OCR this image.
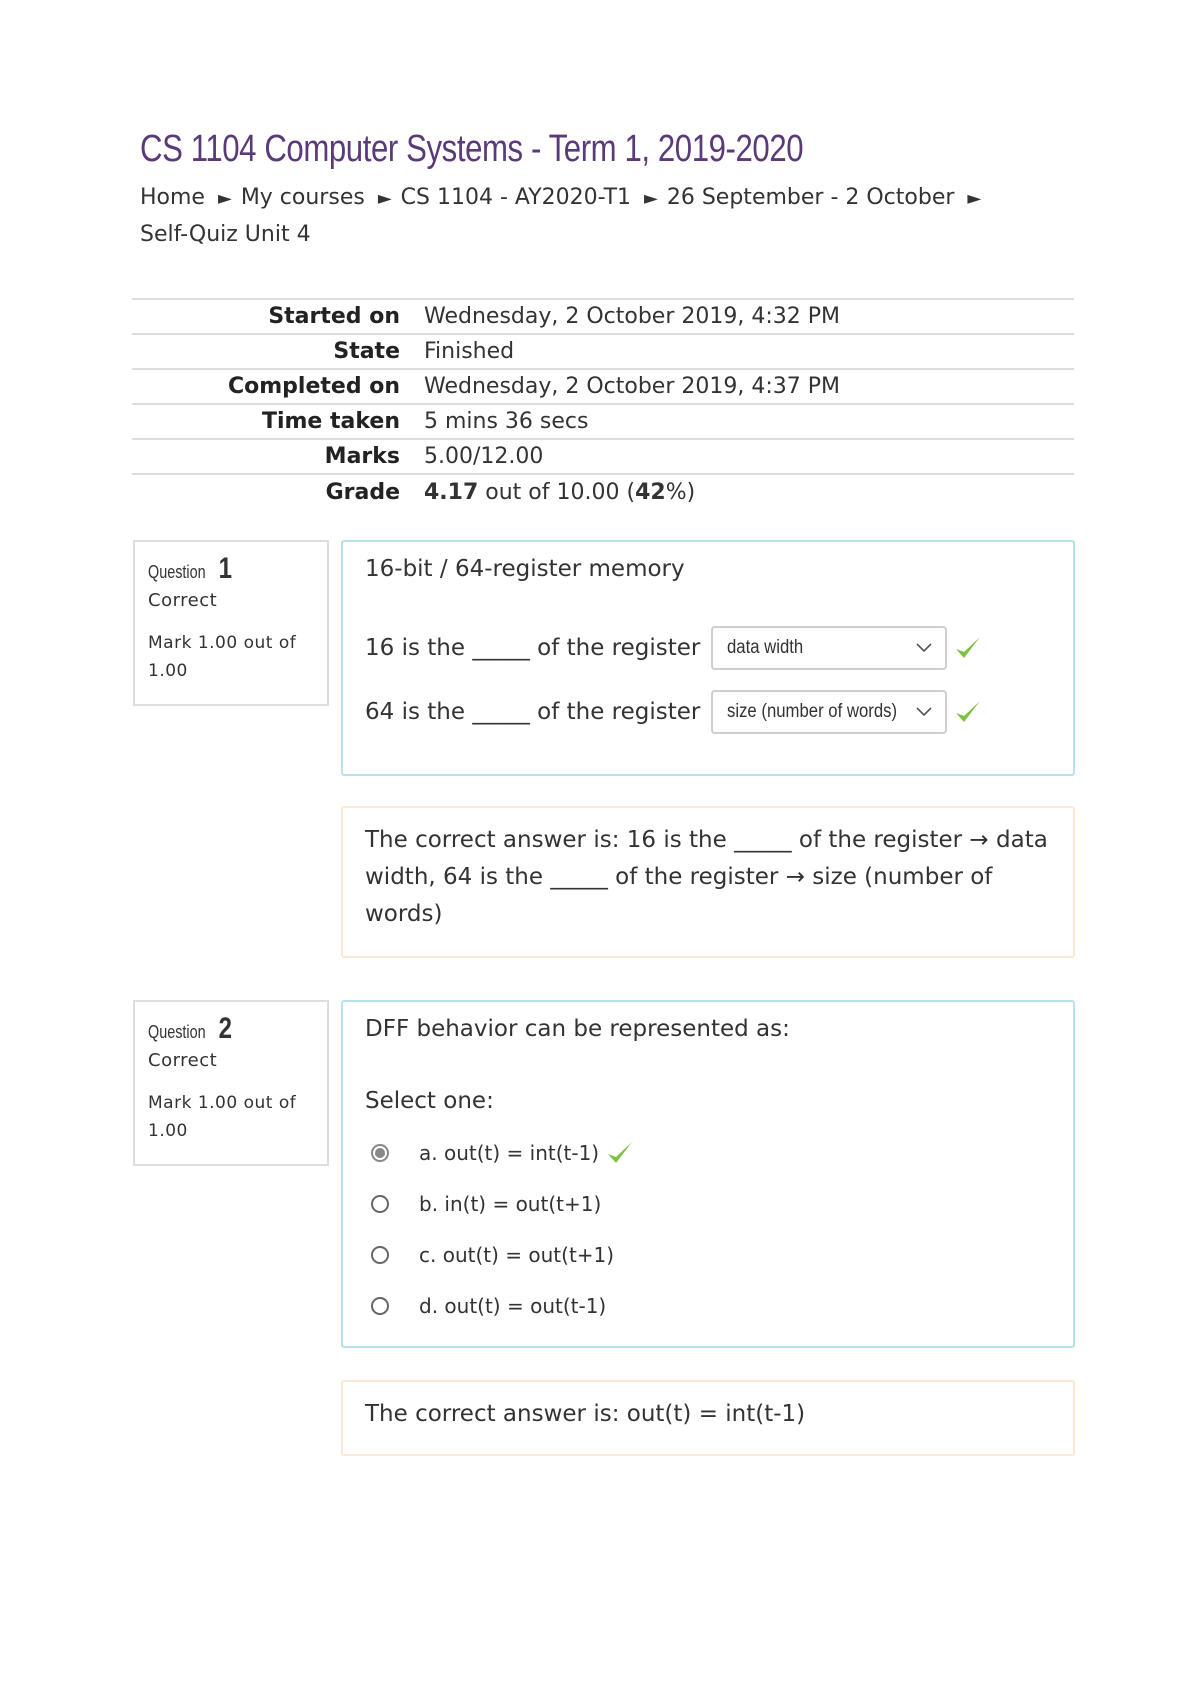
CS 1104 Computer Systems - Term 1, 2019-2020
Home ► My courses ► CS 1104 - AY2020-T1 ► 26 September - 2 October ►
Self-Quiz Unit 4
Started on	Wednesday, 2 October 2019, 4:32 PM
State	Finished
Completed on	Wednesday, 2 October 2019, 4:37 PM
Time taken	5 mins 36 secs
Marks	5.00/12.00
Grade	4.17 out of 10.00 (42%)
Question 1
Correct
Mark 1.00 out of 1.00
16-bit / 64-register memory
16 is the _____ of the register	data width
64 is the _____ of the register	size (number of words)
The correct answer is: 16 is the _____ of the register → data width, 64 is the _____ of the register → size (number of words)
Question 2
Correct
Mark 1.00 out of 1.00
DFF behavior can be represented as:
Select one:
a. out(t) = int(t-1)
b. in(t) = out(t+1)
c. out(t) = out(t+1)
d. out(t) = out(t-1)
The correct answer is: out(t) = int(t-1)
